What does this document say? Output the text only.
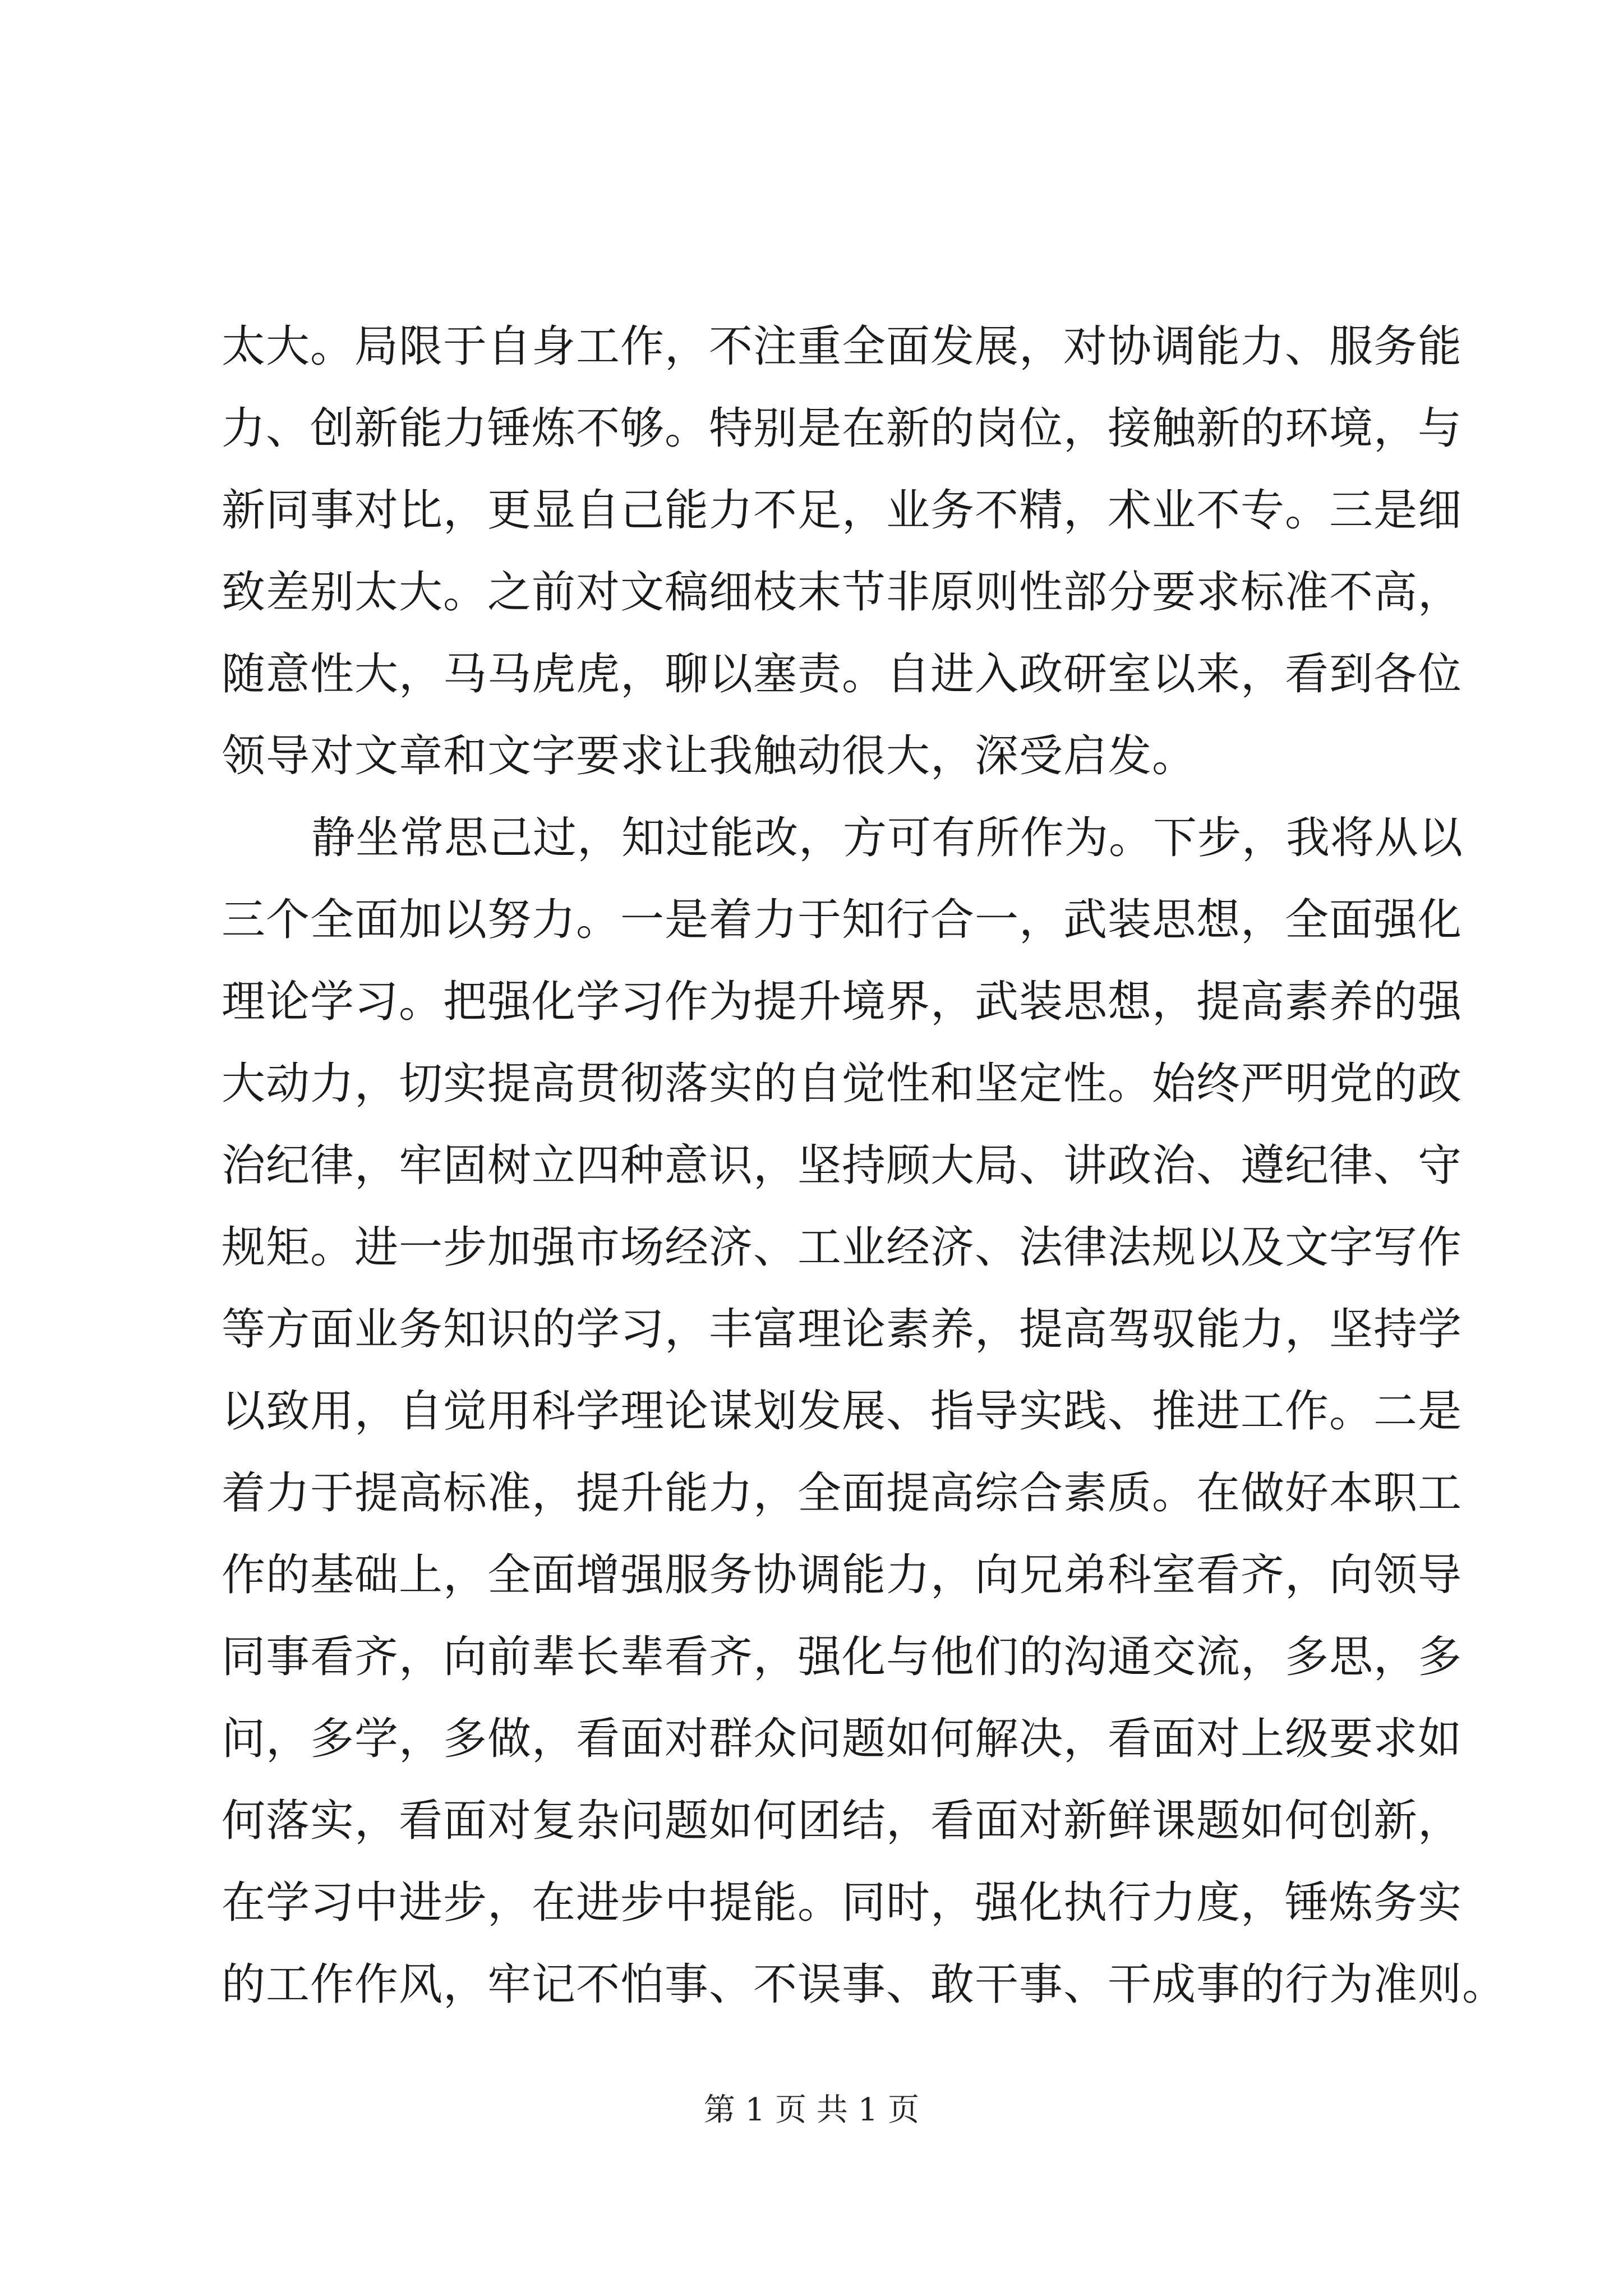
太大。局限于自身工作，不注重全面发展，对协调能力、服务能
力、创新能力锤炼不够。特别是在新的岗位，接触新的环境，与
新同事对比，更显自己能力不足，业务不精，术业不专。三是细
致差别太大。之前对文稿细枝末节非原则性部分要求标准不高，
随意性大，马马虎虎，聊以塞责。自进入政研室以来，看到各位
领导对文章和文字要求让我触动很大，深受启发。
静坐常思己过，知过能改，方可有所作为。下步，我将从以
三个全面加以努力。一是着力于知行合一，武装思想，全面强化
理论学习。把强化学习作为提升境界，武装思想，提高素养的强
大动力，切实提高贯彻落实的自觉性和坚定性。始终严明党的政
治纪律，牢固树立四种意识，坚持顾大局、讲政治、遵纪律、守
规矩。进一步加强市场经济、工业经济、法律法规以及文字写作
等方面业务知识的学习，丰富理论素养，提高驾驭能力，坚持学
以致用，自觉用科学理论谋划发展、指导实践、推进工作。二是
着力于提高标准，提升能力，全面提高综合素质。在做好本职工
作的基础上，全面增强服务协调能力，向兄弟科室看齐，向领导
同事看齐，向前辈长辈看齐，强化与他们的沟通交流，多思，多
问，多学，多做，看面对群众问题如何解决，看面对上级要求如
何落实，看面对复杂问题如何团结，看面对新鲜课题如何创新，
在学习中进步，在进步中提能。同时，强化执行力度，锤炼务实
的工作作风，牢记不怕事、不误事、敢干事、干成事的行为准则。
第 1 页 共 1 页
